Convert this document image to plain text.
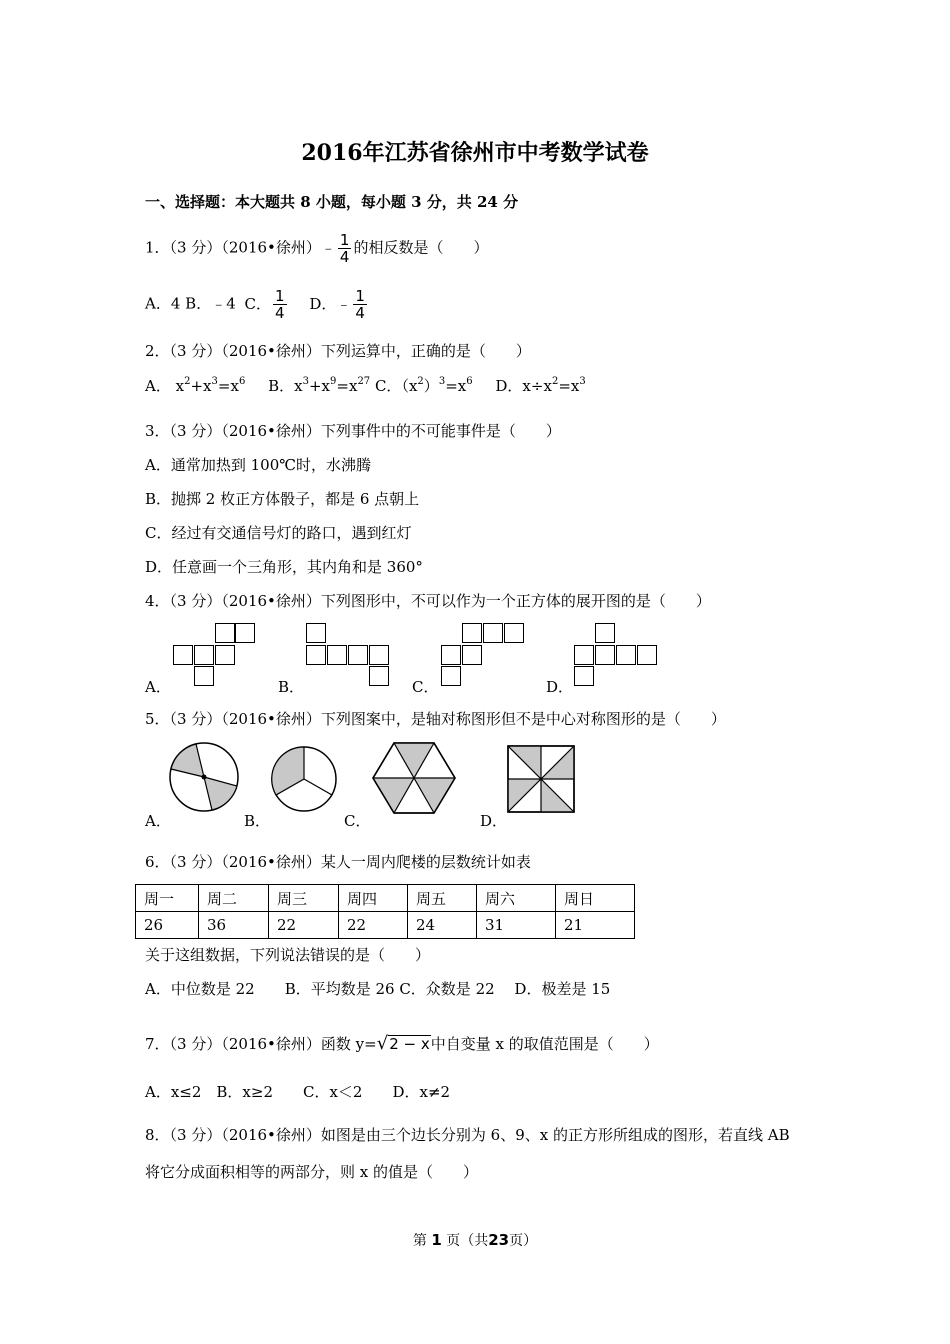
2016年江苏省徐州市中考数学试卷
一、选择题：本大题共 8 小题，每小题 3 分，共 24 分
1．（3 分）（2016•徐州）﹣ $\frac{1}{4}$ 的相反数是（　　）
A．4 B．﹣4 C． $\frac{1}{4}$ D．﹣ $\frac{1}{4}$
2．（3 分）（2016•徐州）下列运算中，正确的是（　　）
A． $x^2+x^3=x^6$ B．$x^3+x^9=x^{27}$ C．$(x^2)^3=x^6$ D．$x\div x^2=x^3$
3．（3 分）（2016•徐州）下列事件中的不可能事件是（　　）
A．通常加热到 100℃时，水沸腾
B．抛掷 2 枚正方体骰子，都是 6 点朝上
C．经过有交通信号灯的路口，遇到红灯
D．任意画一个三角形，其内角和是 360°
4．（3 分）（2016•徐州）下列图形中，不可以作为一个正方体的展开图的是（　　）
A．	B．	C．	D．
5．（3 分）（2016•徐州）下列图案中，是轴对称图形但不是中心对称图形的是（　　）
A．	B．	C．	D．
6．（3 分）（2016•徐州）某人一周内爬楼的层数统计如表
周一	周二	周三	周四	周五	周六	周日
26	36	22	22	24	31	21
关于这组数据，下列说法错误的是（　　）
A．中位数是 22　　B．平均数是 26 C．众数是 22　 D．极差是 15
7．（3 分）（2016•徐州）函数 y=√2 − x中自变量 x 的取值范围是（　　）
A．x≤2　B．x≥2　　C．x＜2　　D．x≠2
8．（3 分）（2016•徐州）如图是由三个边长分别为 6、9、x 的正方形所组成的图形，若直线 AB
将它分成面积相等的两部分，则 x 的值是（　　）
第 1 页（共23页）
